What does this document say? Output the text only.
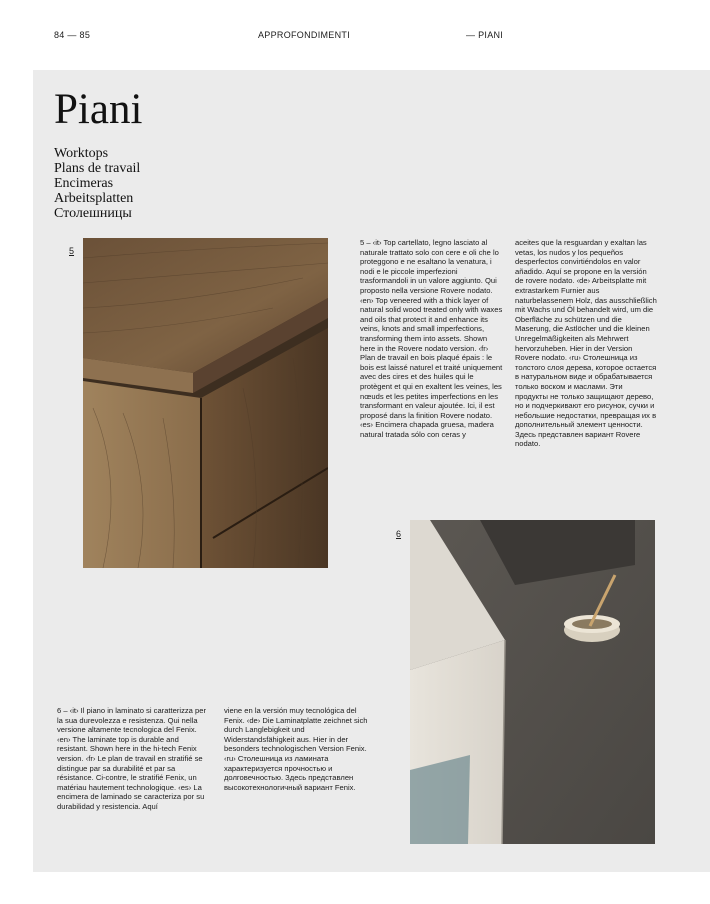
84 — 85	APPROFONDIMENTI	— PIANI
Piani
Worktops
Plans de travail
Encimeras
Arbeitsplatten
Столешницы
5

5 – ‹it› Top cartellato, legno lasciato al naturale trattato solo con cere e oli che lo proteggono e ne esaltano la venatura, i nodi e le piccole imperfezioni trasformandoli in un valore aggiunto. Qui proposto nella versione Rovere nodato. ‹en› Top veneered with a thick layer of natural solid wood treated only with waxes and oils that protect it and enhance its veins, knots and small imperfections, transforming them into assets. Shown here in the Rovere nodato version. ‹fr› Plan de travail en bois plaqué épais : le bois est laissé naturel et traité uniquement avec des cires et des huiles qui le protègent et qui en exaltent les veines, les nœuds et les petites imperfections en les transformant en valeur ajoutée. Ici, il est proposé dans la finition Rovere nodato. ‹es› Encimera chapada gruesa, madera natural tratada sólo con ceras y

aceites que la resguardan y exaltan las vetas, los nudos y los pequeños desperfectos convirtiéndolos en valor añadido. Aquí se propone en la versión de rovere nodato. ‹de› Arbeitsplatte mit extrastarkem Furnier aus naturbelassenem Holz, das ausschließlich mit Wachs und Öl behandelt wird, um die Oberfläche zu schützen und die Maserung, die Astlöcher und die kleinen Unregelmäßigkeiten als Mehrwert hervorzuheben. Hier in der Version Rovere nodato. ‹ru› Столешница из толстого слоя дерева, которое остается в натуральном виде и обрабатывается только воском и маслами. Эти продукты не только защищают дерево, но и подчеркивают его рисунок, сучки и небольшие недостатки, превращая их в дополнительный элемент ценности. Здесь представлен вариант Rovere nodato.

6

6 – ‹it› Il piano in laminato si caratterizza per la sua durevolezza e resistenza. Qui nella versione altamente tecnologica del Fenix. ‹en› The laminate top is durable and resistant. Shown here in the hi-tech Fenix version. ‹fr› Le plan de travail en stratifié se distingue par sa durabilité et par sa résistance. Ci-contre, le stratifié Fenix, un matériau hautement technologique. ‹es› La encimera de laminado se caracteriza por su durabilidad y resistencia. Aquí

viene en la versión muy tecnológica del Fenix. ‹de› Die Laminatplatte zeichnet sich durch Langlebigkeit und Widerstandsfähigkeit aus. Hier in der besonders technologischen Version Fenix. ‹ru› Столешница из ламината характеризуется прочностью и долговечностью. Здесь представлен высокотехнологичный вариант Fenix.
